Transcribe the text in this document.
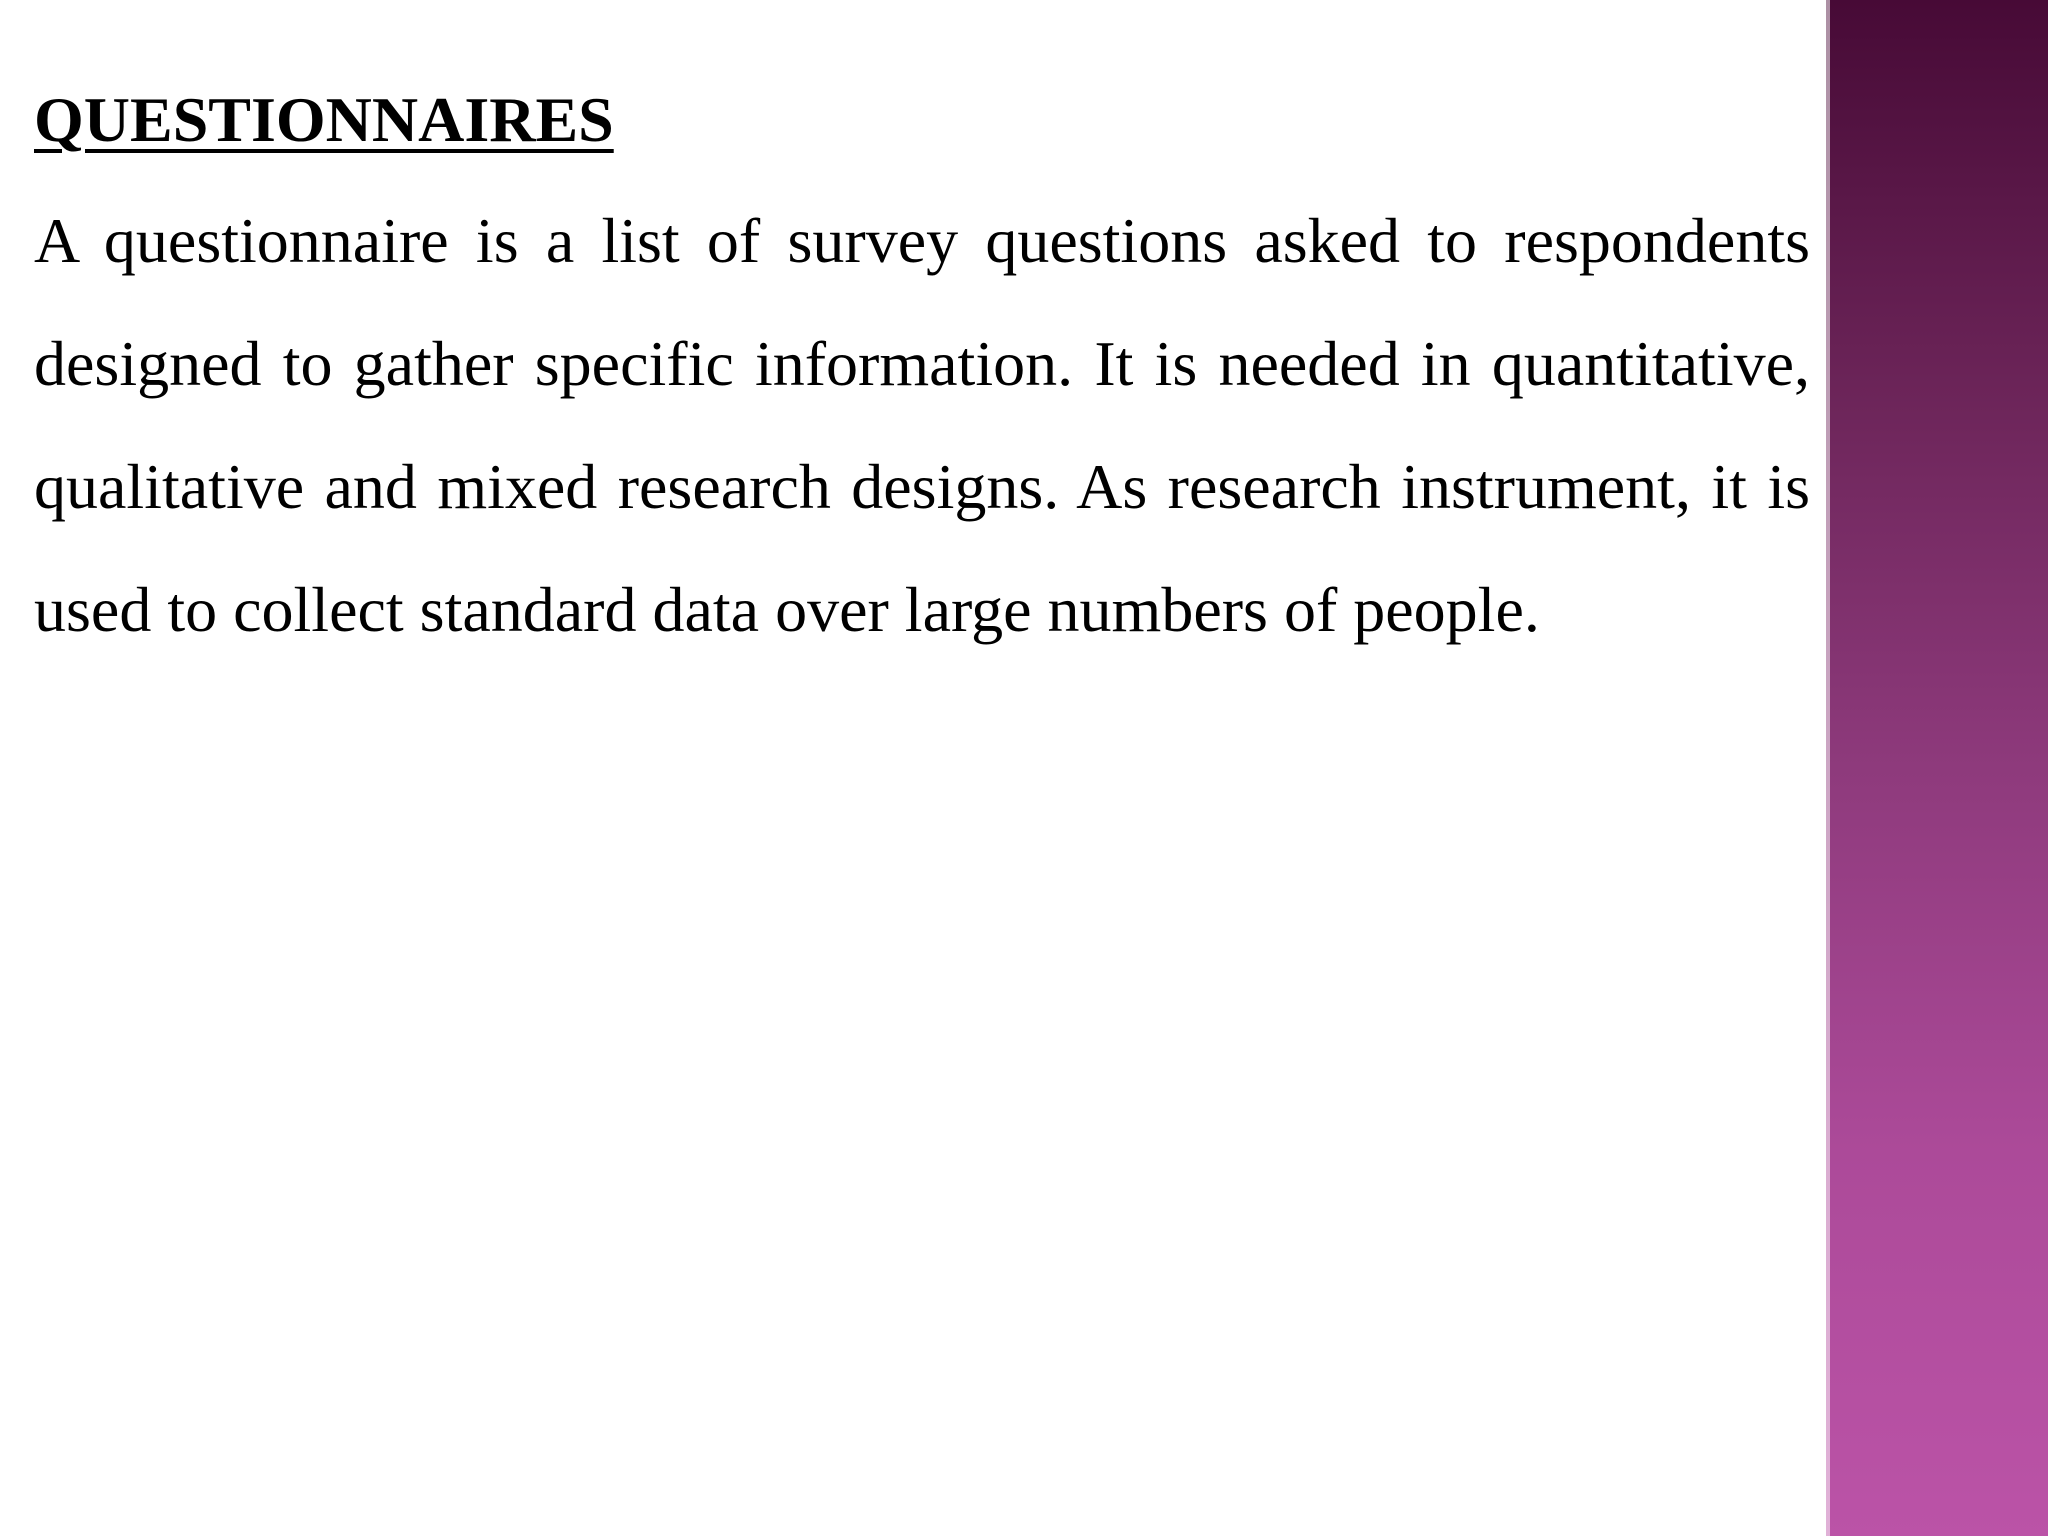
QUESTIONNAIRES

A questionnaire is a list of survey questions asked to respondents designed to gather specific information. It is needed in quantitative, qualitative and mixed research designs. As research instrument, it is used to collect standard data over large numbers of people.
